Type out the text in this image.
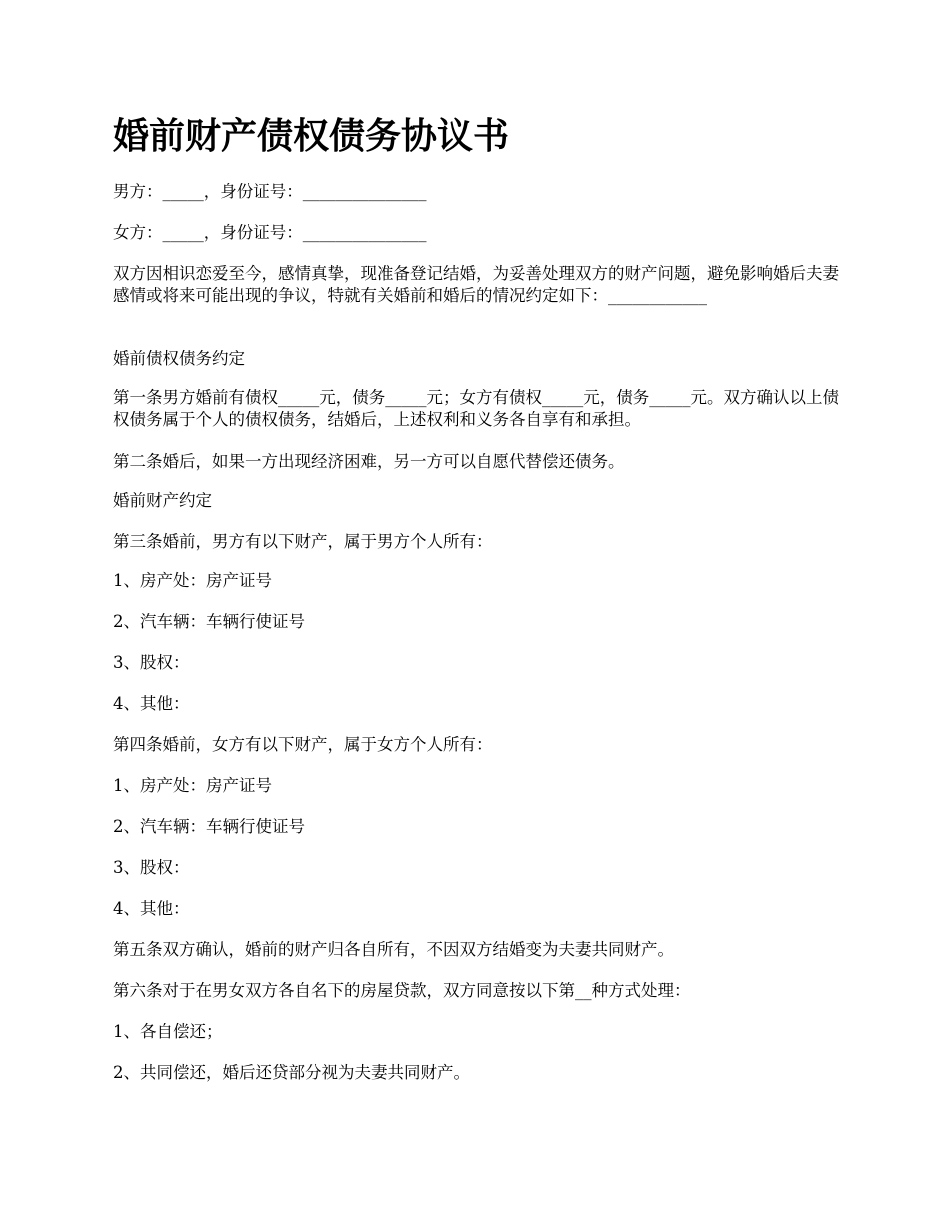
婚前财产债权债务协议书

男方：_____，身份证号：_______________

女方：_____，身份证号：_______________

双方因相识恋爱至今，感情真挚，现准备登记结婚，为妥善处理双方的财产问题，避免影响婚后夫妻感情或将来可能出现的争议，特就有关婚前和婚后的情况约定如下：____________

婚前债权债务约定

第一条男方婚前有债权_____元，债务_____元；女方有债权_____元，债务_____元。双方确认以上债权债务属于个人的债权债务，结婚后，上述权利和义务各自享有和承担。

第二条婚后，如果一方出现经济困难，另一方可以自愿代替偿还债务。

婚前财产约定

第三条婚前，男方有以下财产，属于男方个人所有：

1、房产处：房产证号

2、汽车辆：车辆行使证号

3、股权：

4、其他：

第四条婚前，女方有以下财产，属于女方个人所有：

1、房产处：房产证号

2、汽车辆：车辆行使证号

3、股权：

4、其他：

第五条双方确认，婚前的财产归各自所有，不因双方结婚变为夫妻共同财产。

第六条对于在男女双方各自名下的房屋贷款，双方同意按以下第__种方式处理：

1、各自偿还；

2、共同偿还，婚后还贷部分视为夫妻共同财产。
